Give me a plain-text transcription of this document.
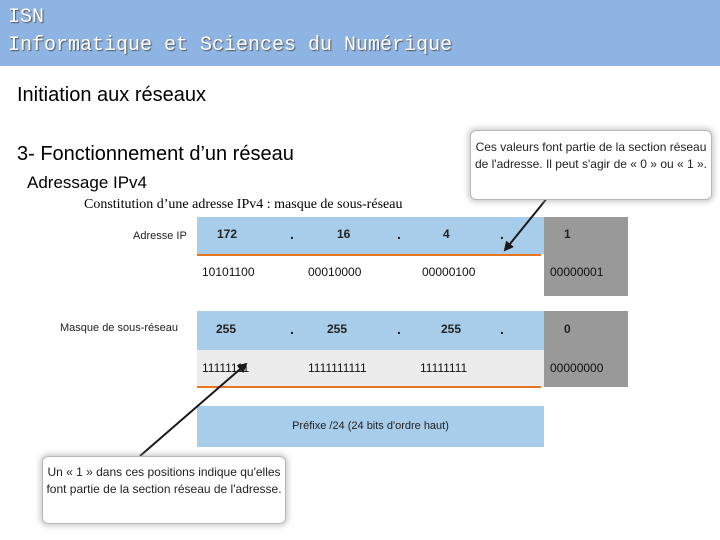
ISN
Informatique et Sciences du Numérique
Initiation aux réseaux
3- Fonctionnement d’un réseau
Adressage IPv4
Adresse IP
Masque de sous-réseau
172	.	16	.	4	.	1
10101100	00010000	00000100	00000001
255	.	255	.	255	.	0
11111111	1111111111	11111111	00000000
Préfixe /24 (24 bits d'ordre haut)
Ces valeurs font partie de la section réseau de l'adresse. Il peut s'agir de « 0 » ou « 1 ».
Un « 1 » dans ces positions indique qu'elles font partie de la section réseau de l'adresse.
Constitution d’une adresse IPv4 : masque de sous-réseau
